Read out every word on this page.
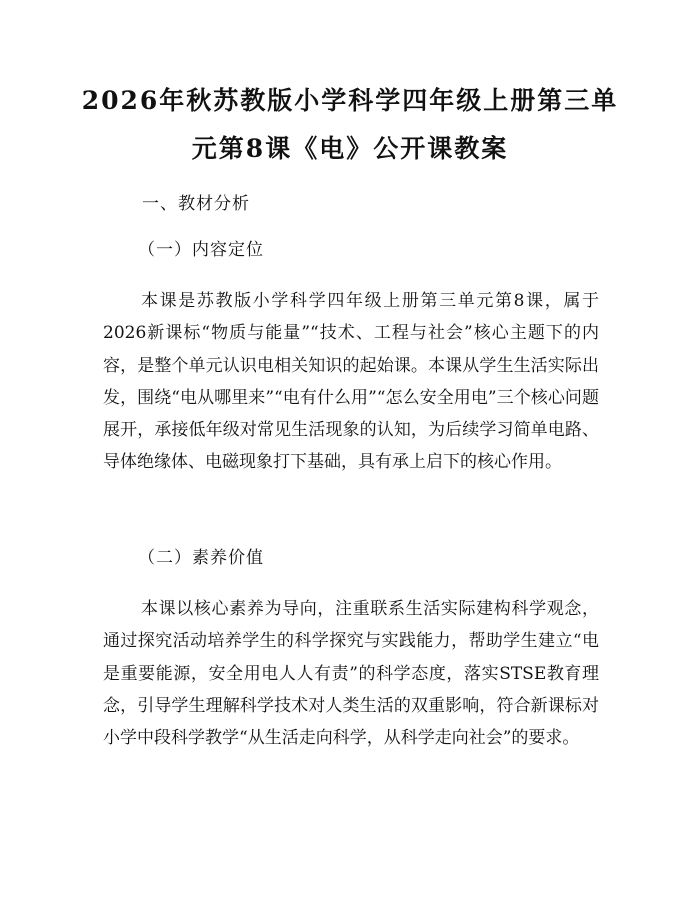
2026年秋苏教版小学科学四年级上册第三单
元第8课《电》公开课教案

一、教材分析

（一）内容定位

本课是苏教版小学科学四年级上册第三单元第8课，属于2026新课标“物质与能量”“技术、工程与社会”核心主题下的内容，是整个单元认识电相关知识的起始课。本课从学生生活实际出发，围绕“电从哪里来”“电有什么用”“怎么安全用电”三个核心问题展开，承接低年级对常见生活现象的认知，为后续学习简单电路、导体绝缘体、电磁现象打下基础，具有承上启下的核心作用。

（二）素养价值

本课以核心素养为导向，注重联系生活实际建构科学观念，通过探究活动培养学生的科学探究与实践能力，帮助学生建立“电是重要能源，安全用电人人有责”的科学态度，落实STSE教育理念，引导学生理解科学技术对人类生活的双重影响，符合新课标对小学中段科学教学“从生活走向科学，从科学走向社会”的要求。
